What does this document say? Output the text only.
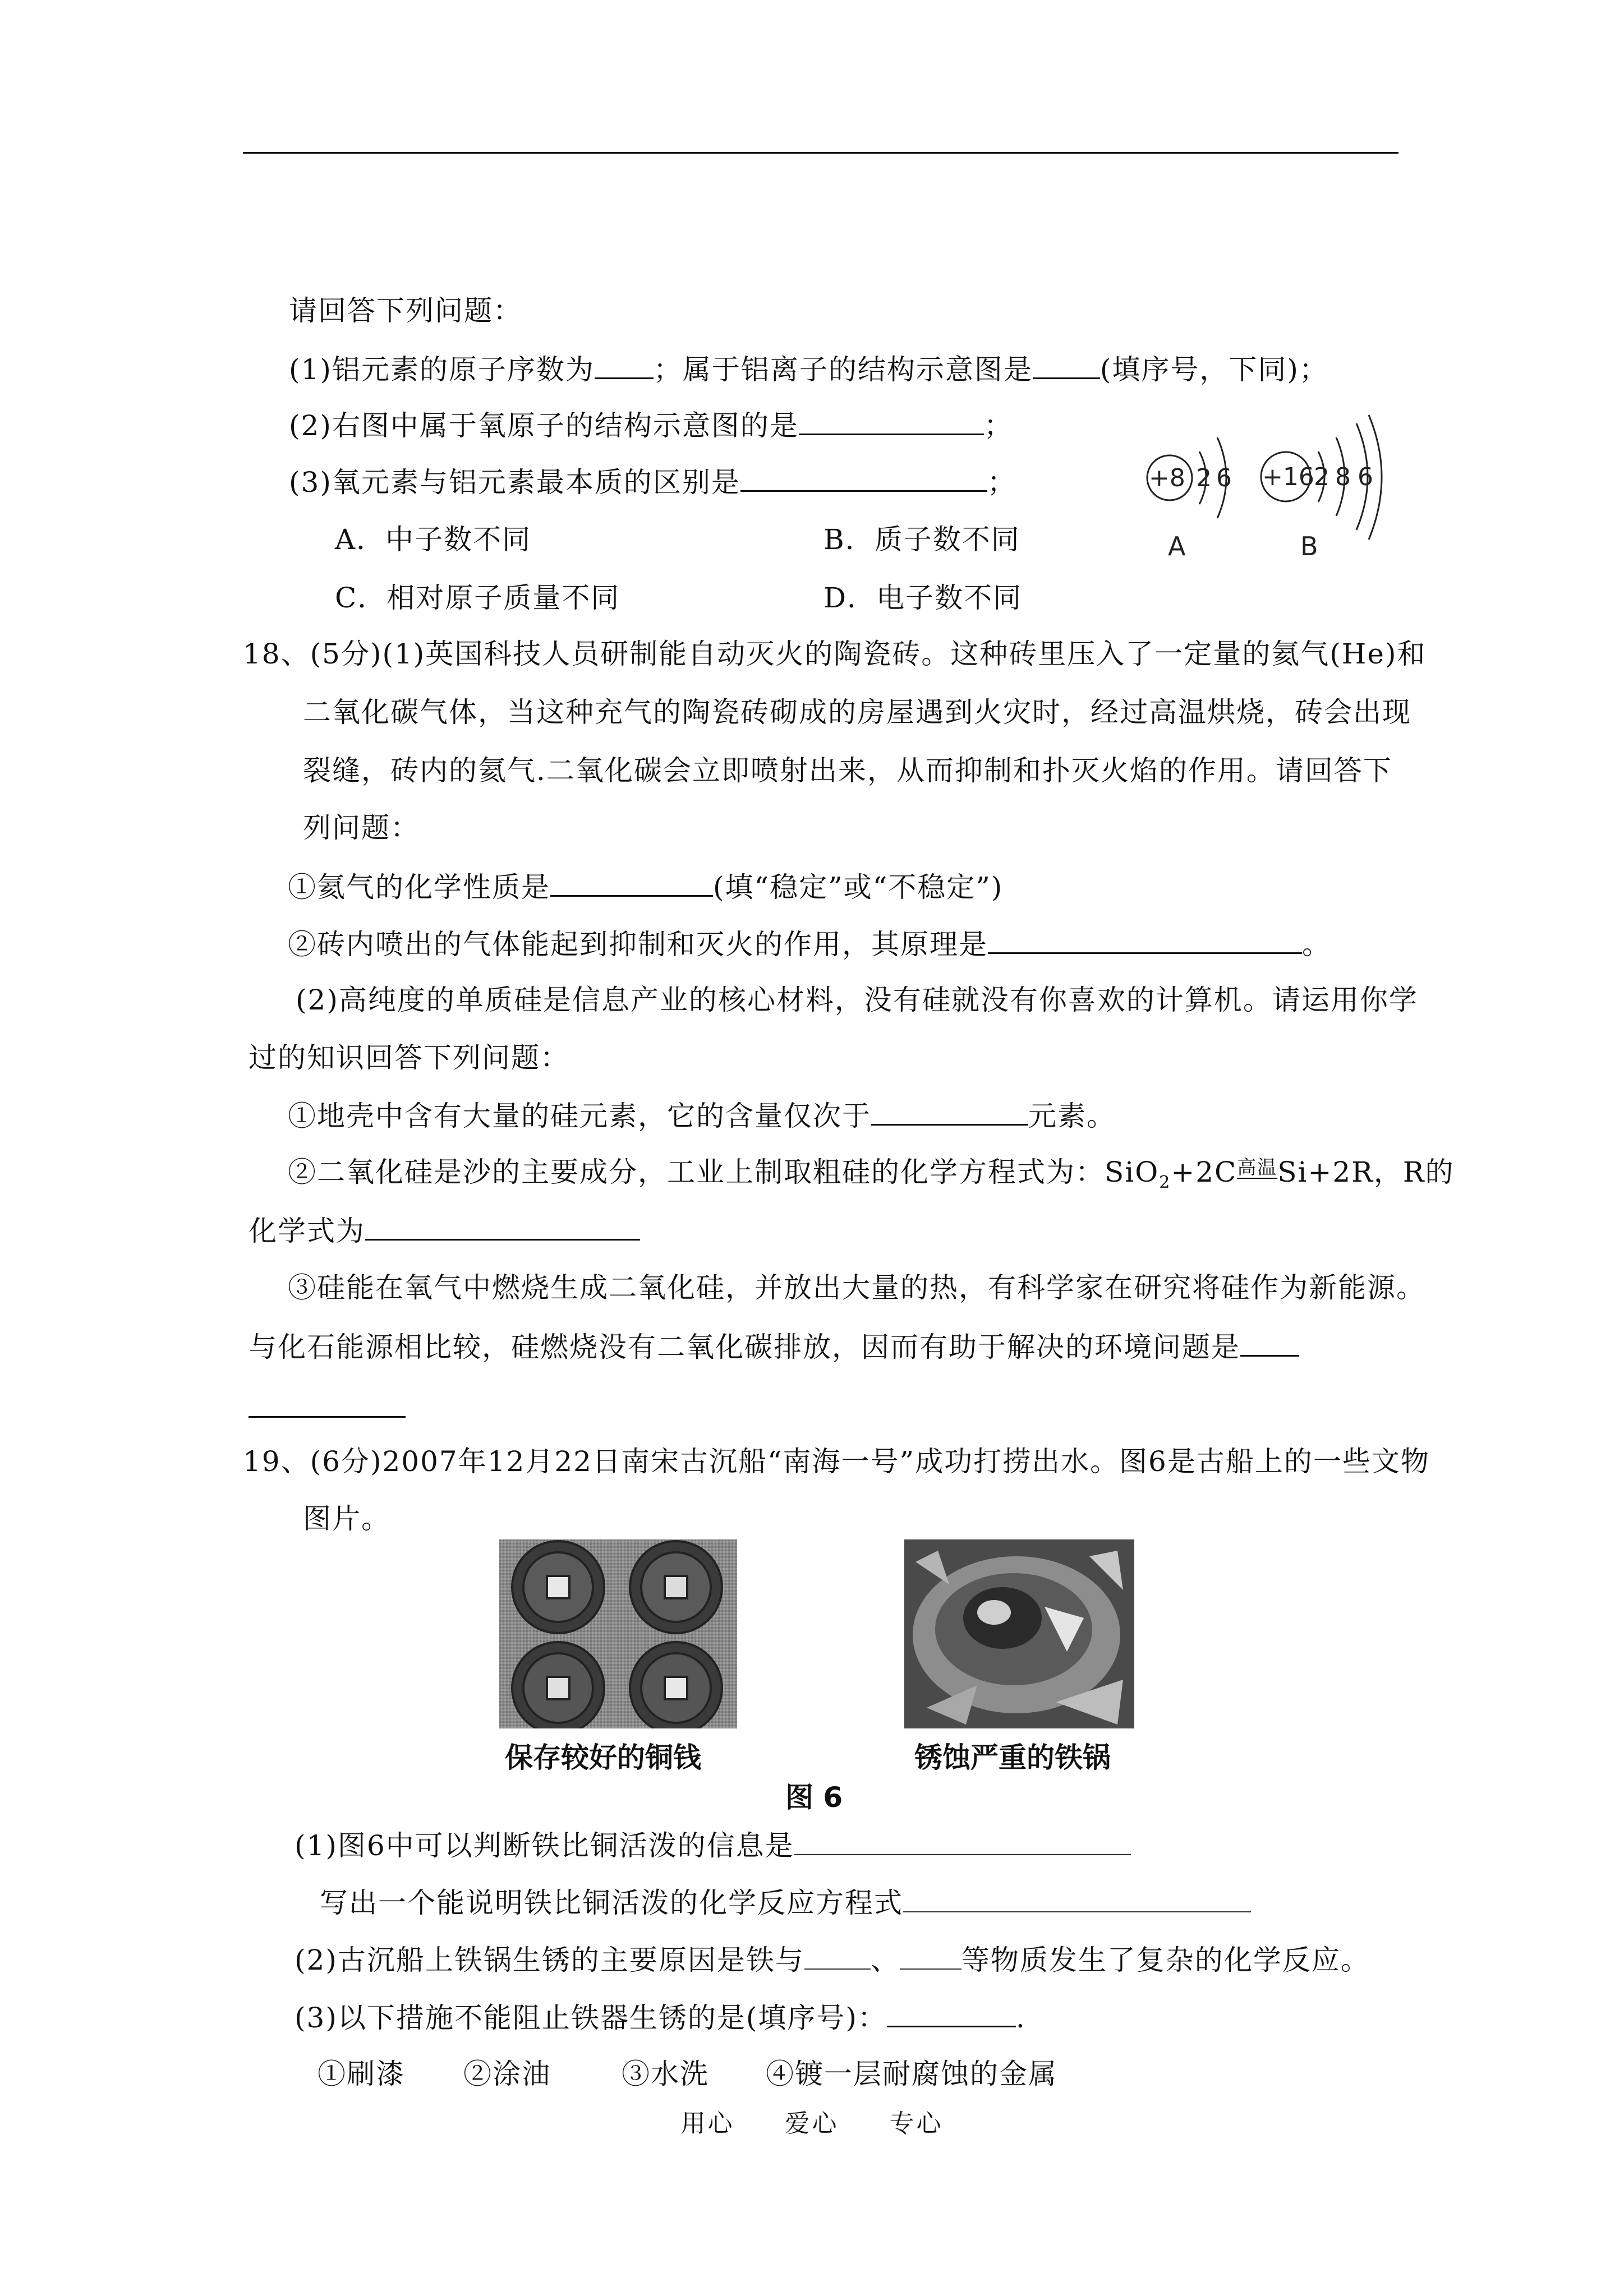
请回答下列问题：
(1)铝元素的原子序数为 ；属于铝离子的结构示意图是 (填序号，下同)；
(2)右图中属于氧原子的结构示意图的是	；
(3)氧元素与铝元素最本质的区别是	；
A．中子数不同	B．质子数不同
C．相对原子质量不同	D．电子数不同
+8 2 6
A
+16 2 8 6
B
18、(5分)(1)英国科技人员研制能自动灭火的陶瓷砖。这种砖里压入了一定量的氦气(He)和
二氧化碳气体，当这种充气的陶瓷砖砌成的房屋遇到火灾时，经过高温烘烧，砖会出现
裂缝，砖内的氦气.二氧化碳会立即喷射出来，从而抑制和扑灭火焰的作用。请回答下
列问题：
①氦气的化学性质是	(填“稳定”或“不稳定”)
②砖内喷出的气体能起到抑制和灭火的作用，其原理是	。
(2)高纯度的单质硅是信息产业的核心材料，没有硅就没有你喜欢的计算机。请运用你学
过的知识回答下列问题：
①地壳中含有大量的硅元素，它的含量仅次于	元素。
②二氧化硅是沙的主要成分，工业上制取粗硅的化学方程式为：SiO$_2$+2C高温Si+2R，R的
化学式为
③硅能在氧气中燃烧生成二氧化硅，并放出大量的热，有科学家在研究将硅作为新能源。
与化石能源相比较，硅燃烧没有二氧化碳排放，因而有助于解决的环境问题是
19、(6分)2007年12月22日南宋古沉船“南海一号”成功打捞出水。图6是古船上的一些文物
图片。
保存较好的铜钱	锈蚀严重的铁锅
图 6
(1)图6中可以判断铁比铜活泼的信息是
写出一个能说明铁比铜活泼的化学反应方程式
(2)古沉船上铁锅生锈的主要原因是铁与 、 等物质发生了复杂的化学反应。
(3)以下措施不能阻止铁器生锈的是(填序号)：	.
①刷漆 ②涂油	③水洗 ④镀一层耐腐蚀的金属
用心 爱心 专心
